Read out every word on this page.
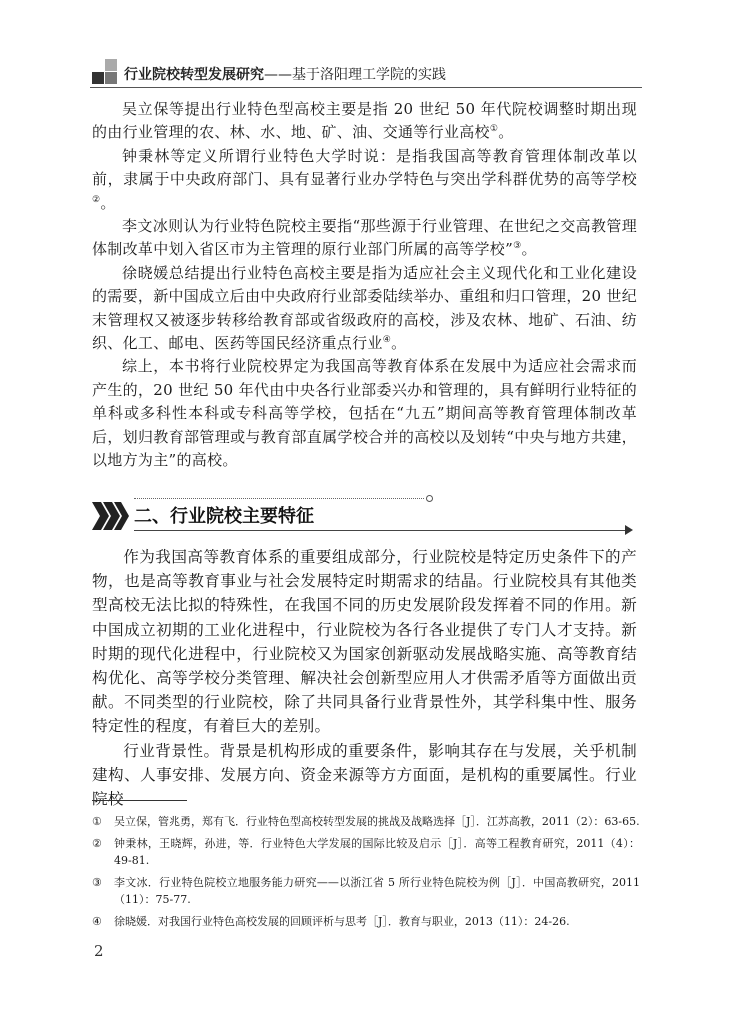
行业院校转型发展研究——基于洛阳理工学院的实践

吴立保等提出行业特色型高校主要是指 20 世纪 50 年代院校调整时期出现的由行业管理的农、林、水、地、矿、油、交通等行业高校①。

钟秉林等定义所谓行业特色大学时说：是指我国高等教育管理体制改革以前，隶属于中央政府部门、具有显著行业办学特色与突出学科群优势的高等学校②。

李文冰则认为行业特色院校主要指“那些源于行业管理、在世纪之交高教管理体制改革中划入省区市为主管理的原行业部门所属的高等学校”③。

徐晓媛总结提出行业特色高校主要是指为适应社会主义现代化和工业化建设的需要，新中国成立后由中央政府行业部委陆续举办、重组和归口管理，20 世纪末管理权又被逐步转移给教育部或省级政府的高校，涉及农林、地矿、石油、纺织、化工、邮电、医药等国民经济重点行业④。

综上，本书将行业院校界定为我国高等教育体系在发展中为适应社会需求而产生的，20 世纪 50 年代由中央各行业部委兴办和管理的，具有鲜明行业特征的单科或多科性本科或专科高等学校，包括在“九五”期间高等教育管理体制改革后，划归教育部管理或与教育部直属学校合并的高校以及划转“中央与地方共建，以地方为主”的高校。

二、行业院校主要特征

作为我国高等教育体系的重要组成部分，行业院校是特定历史条件下的产物，也是高等教育事业与社会发展特定时期需求的结晶。行业院校具有其他类型高校无法比拟的特殊性，在我国不同的历史发展阶段发挥着不同的作用。新中国成立初期的工业化进程中，行业院校为各行各业提供了专门人才支持。新时期的现代化进程中，行业院校又为国家创新驱动发展战略实施、高等教育结构优化、高等学校分类管理、解决社会创新型应用人才供需矛盾等方面做出贡献。不同类型的行业院校，除了共同具备行业背景性外，其学科集中性、服务特定性的程度，有着巨大的差别。

行业背景性。背景是机构形成的重要条件，影响其存在与发展，关乎机制建构、人事安排、发展方向、资金来源等方方面面，是机构的重要属性。行业院校

① 吴立保，管兆勇，郑有飞．行业特色型高校转型发展的挑战及战略选择［J］．江苏高教，2011（2）：63-65.
② 钟秉林，王晓辉，孙进，等．行业特色大学发展的国际比较及启示［J］．高等工程教育研究，2011（4）：49-81.
③ 李文冰．行业特色院校立地服务能力研究——以浙江省 5 所行业特色院校为例［J］．中国高教研究，2011（11）：75-77.
④ 徐晓媛．对我国行业特色高校发展的回顾评析与思考［J］．教育与职业，2013（11）：24-26.
2
